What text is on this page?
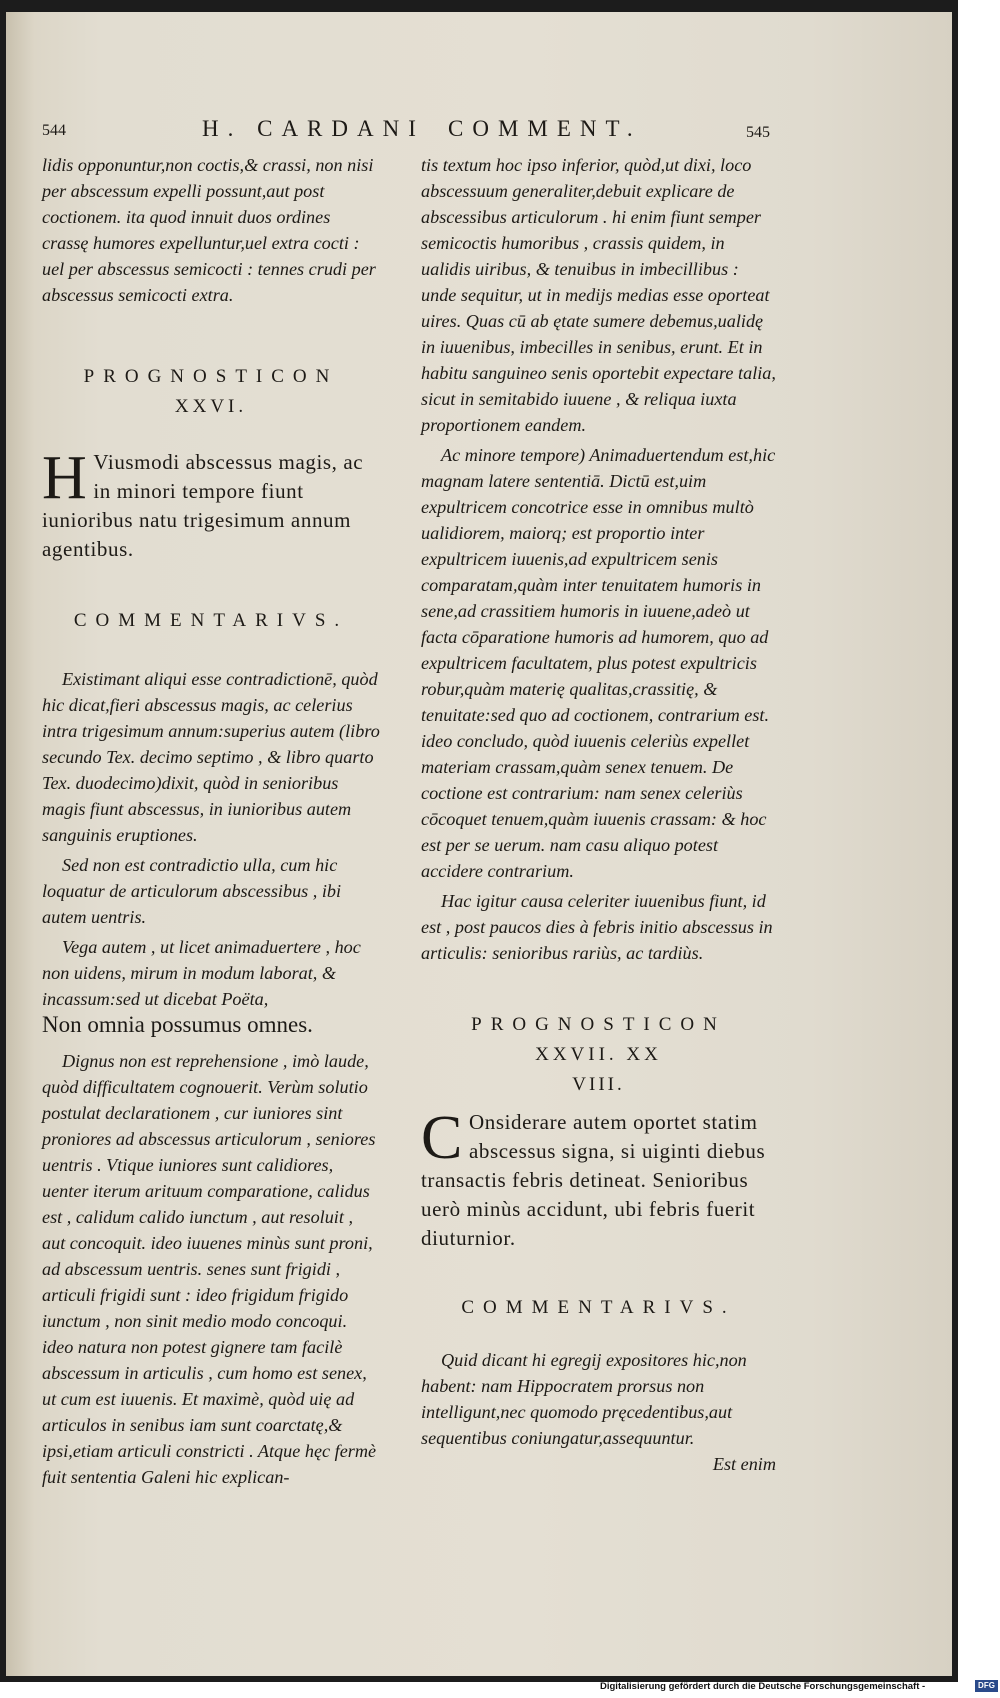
544	H. CARDANI COMMENT.	545

lidis opponuntur,non coctis,& crassi, non nisi per abscessum expelli possunt,aut post coctionem. ita quod innuit duos ordines crassę humores expelluntur,uel extra cocti : uel per abscessus semicocti : tennes crudi per abscessus semicocti extra.

PROGNOSTICON
XXVI.
H Viusmodi abscessus magis, ac in minori tempore fiunt iunioribus natu trigesimum annum agentibus.
COMMENTARIVS.

Existimant aliqui esse contradictionē, quòd hic dicat,fieri abscessus magis, ac celerius intra trigesimum annum:superius autem (libro secundo Tex. decimo septimo , & libro quarto Tex. duodecimo)dixit, quòd in senioribus magis fiunt abscessus, in iunioribus autem sanguinis eruptiones.

Sed non est contradictio ulla, cum hic loquatur de articulorum abscessibus , ibi autem uentris.

Vega autem , ut licet animaduertere , hoc non uidens, mirum in modum laborat, & incassum:sed ut dicebat Poëta,

Non omnia possumus omnes.

Dignus non est reprehensione , imò laude, quòd difficultatem cognouerit. Verùm solutio postulat declarationem , cur iuniores sint proniores ad abscessus articulorum , seniores uentris . Vtique iuniores sunt calidiores, uenter iterum arituum comparatione, calidus est , calidum calido iunctum , aut resoluit , aut concoquit. ideo iuuenes minùs sunt proni, ad abscessum uentris. senes sunt frigidi , articuli frigidi sunt : ideo frigidum frigido iunctum , non sinit medio modo concoqui. ideo natura non potest gignere tam facilè abscessum in articulis , cum homo est senex, ut cum est iuuenis. Et maximè, quòd uię ad articulos in senibus iam sunt coarctatę,& ipsi,etiam articuli constricti . Atque hęc fermè fuit sententia Galeni hic explican-

tis textum hoc ipso inferior, quòd,ut dixi, loco abscessuum generaliter,debuit explicare de abscessibus articulorum . hi enim fiunt semper semicoctis humoribus , crassis quidem, in ualidis uiribus, & tenuibus in imbecillibus : unde sequitur, ut in medijs medias esse oporteat uires. Quas cū ab ętate sumere debemus,ualidę in iuuenibus, imbecilles in senibus, erunt. Et in habitu sanguineo senis oportebit expectare talia, sicut in semitabido iuuene , & reliqua iuxta proportionem eandem.

Ac minore tempore) Animaduertendum est,hic magnam latere sententiā. Dictū est,uim expultricem concotrice esse in omnibus multò ualidiorem, maiorq; est proportio inter expultricem iuuenis,ad expultricem senis comparatam,quàm inter tenuitatem humoris in sene,ad crassitiem humoris in iuuene,adeò ut facta cōparatione humoris ad humorem, quo ad expultricem facultatem, plus potest expultricis robur,quàm materię qualitas,crassitię, & tenuitate:sed quo ad coctionem, contrarium est. ideo concludo, quòd iuuenis celeriùs expellet materiam crassam,quàm senex tenuem. De coctione est contrarium: nam senex celeriùs cōcoquet tenuem,quàm iuuenis crassam: & hoc est per se uerum. nam casu aliquo potest accidere contrarium.

Hac igitur causa celeriter iuuenibus fiunt, id est , post paucos dies à febris initio abscessus in articulis: senioribus rariùs, ac tardiùs.

PROGNOSTICON
XXVII. XX
VIII.
C Onsiderare autem oportet statim abscessus signa, si uiginti diebus transactis febris detineat. Senioribus uerò minùs accidunt, ubi febris fuerit diuturnior.
COMMENTARIVS.

Quid dicant hi egregij expositores hic,non habent: nam Hippocratem prorsus non intelligunt,nec quomodo pręcedentibus,aut sequentibus coniungatur,assequuntur.

Est enim

Digitalisierung gefördert durch die Deutsche Forschungsgemeinschaft -	DFG
